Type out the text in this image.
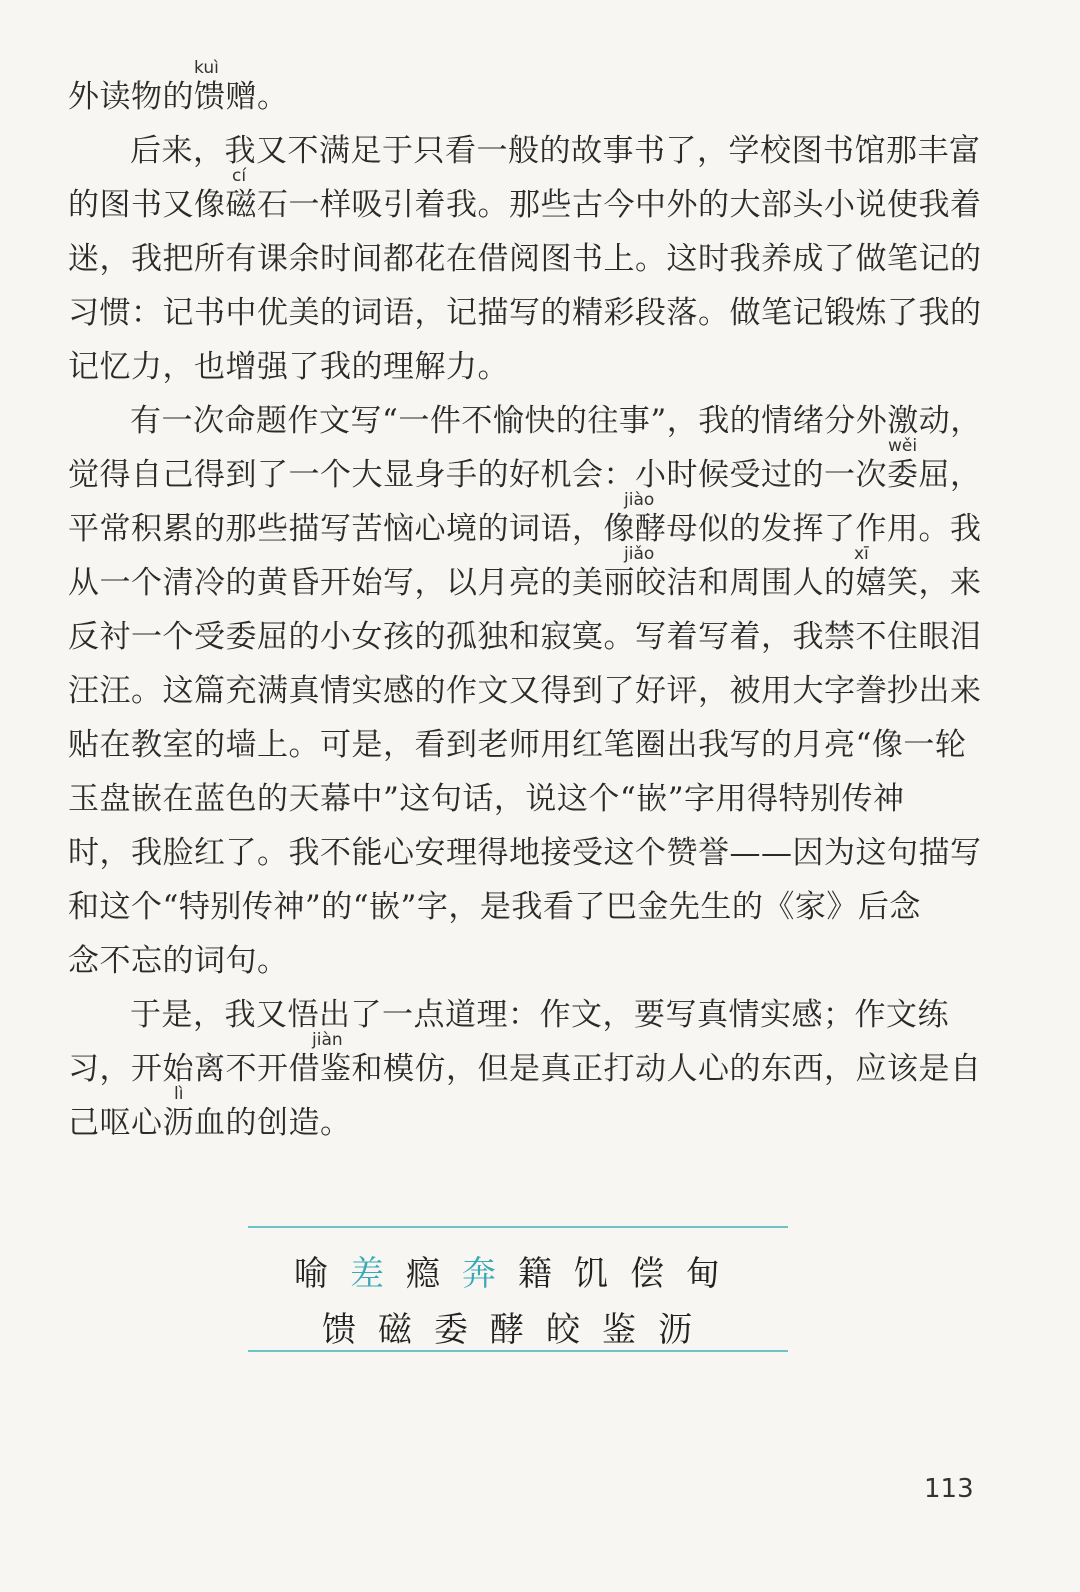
kuì
外读物的馈赠。
后来，我又不满足于只看一般的故事书了，学校图书馆那丰富
cí
的图书又像磁石一样吸引着我。那些古今中外的大部头小说使我着
迷，我把所有课余时间都花在借阅图书上。这时我养成了做笔记的
习惯：记书中优美的词语，记描写的精彩段落。做笔记锻炼了我的
记忆力，也增强了我的理解力。
有一次命题作文写“一件不愉快的往事”，我的情绪分外激动，
wěi
觉得自己得到了一个大显身手的好机会：小时候受过的一次委屈，
jiào
平常积累的那些描写苦恼心境的词语，像酵母似的发挥了作用。我
jiǎo	xī
从一个清冷的黄昏开始写，以月亮的美丽皎洁和周围人的嬉笑，来
反衬一个受委屈的小女孩的孤独和寂寞。写着写着，我禁不住眼泪
汪汪。这篇充满真情实感的作文又得到了好评，被用大字誊抄出来
贴在教室的墙上。可是，看到老师用红笔圈出我写的月亮“像一轮
玉盘嵌在蓝色的天幕中”这句话，说这个“嵌”字用得特别传神
时，我脸红了。我不能心安理得地接受这个赞誉——因为这句描写
和这个“特别传神”的“嵌”字，是我看了巴金先生的《家》后念
念不忘的词句。
于是，我又悟出了一点道理：作文，要写真情实感；作文练
jiàn
习，开始离不开借鉴和模仿，但是真正打动人心的东西，应该是自
lì
己呕心沥血的创造。
喻差瘾奔籍饥偿甸
馈磁委酵皎鉴沥
113
